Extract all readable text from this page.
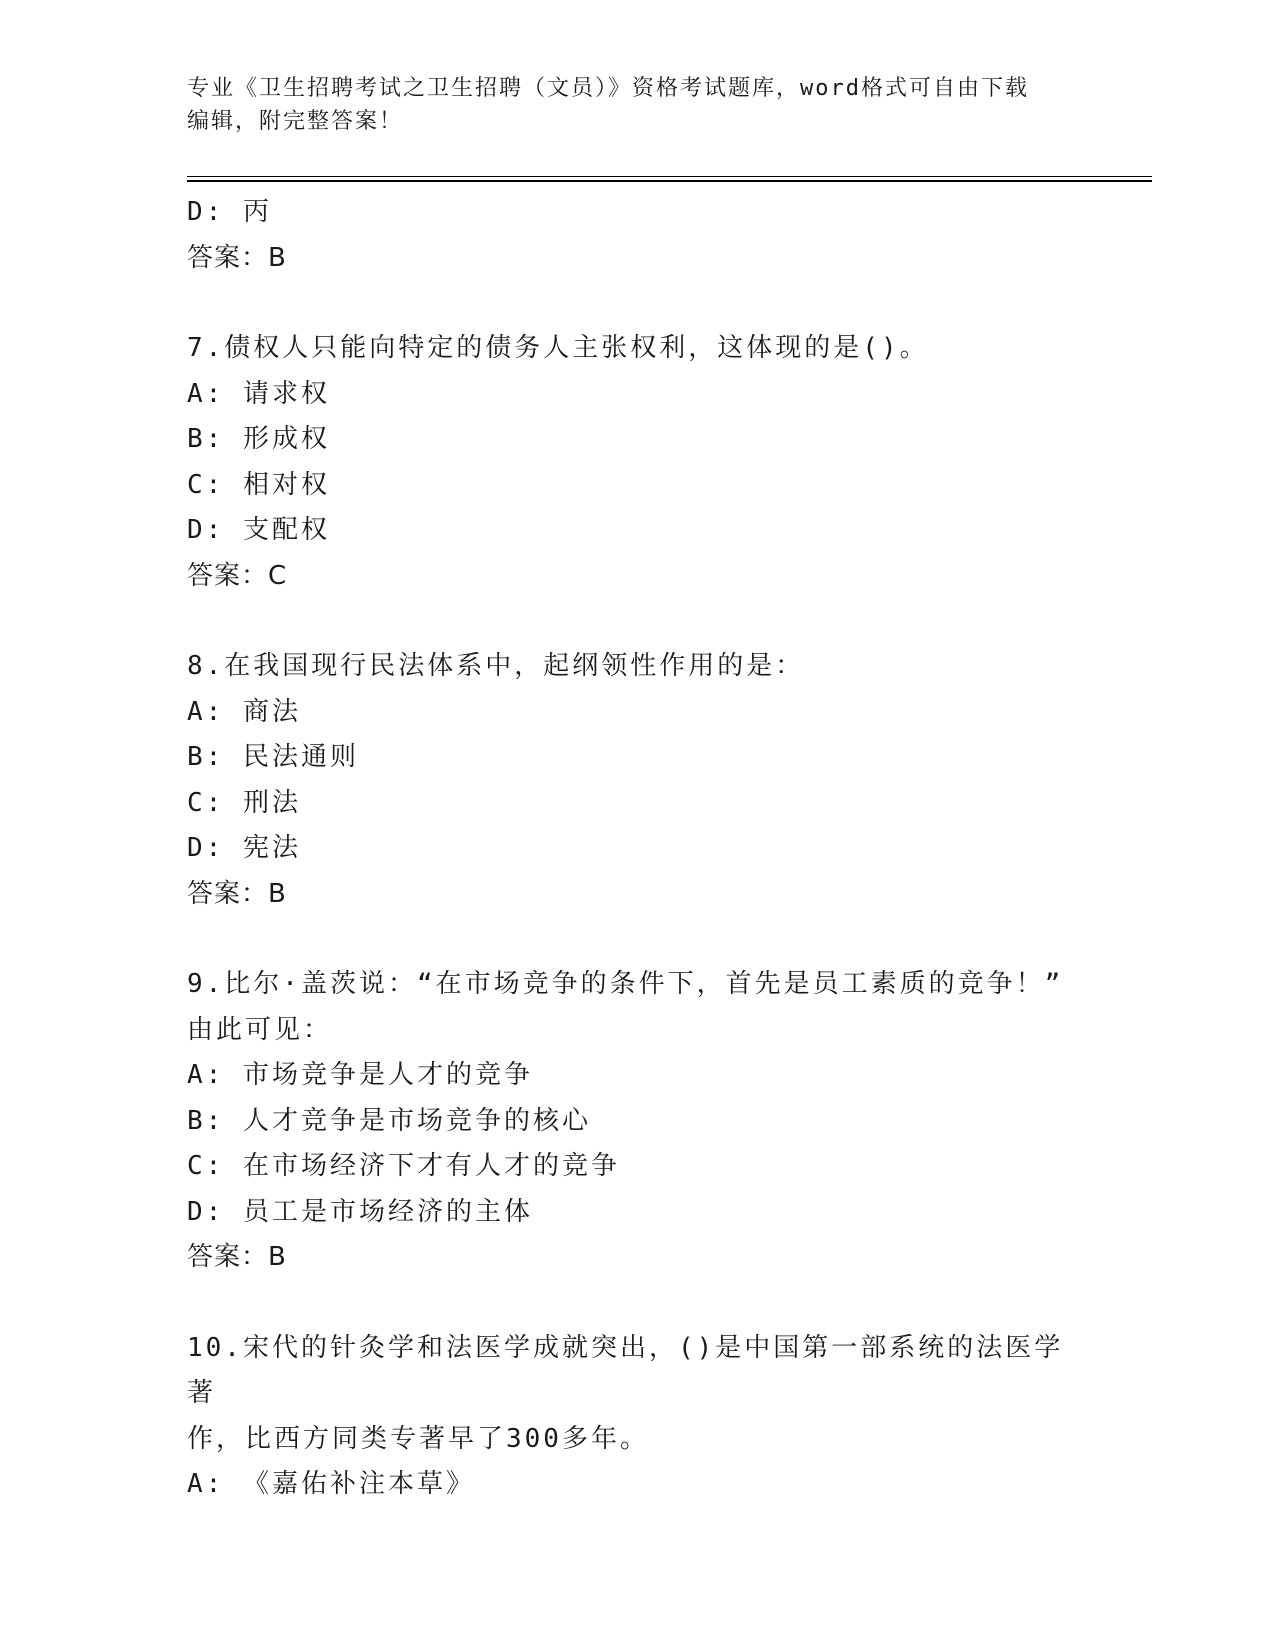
专业《卫生招聘考试之卫生招聘（文员）》资格考试题库，word格式可自由下载
编辑，附完整答案！
D: 丙
答案：B
7.债权人只能向特定的债务人主张权利，这体现的是()。
A: 请求权
B: 形成权
C: 相对权
D: 支配权
答案：C
8.在我国现行民法体系中，起纲领性作用的是：
A: 商法
B: 民法通则
C: 刑法
D: 宪法
答案：B
9.比尔·盖茨说：“在市场竞争的条件下，首先是员工素质的竞争！”
由此可见：
A: 市场竞争是人才的竞争
B: 人才竞争是市场竞争的核心
C: 在市场经济下才有人才的竞争
D: 员工是市场经济的主体
答案：B
10.宋代的针灸学和法医学成就突出，()是中国第一部系统的法医学著
作，比西方同类专著早了300多年。
A: 《嘉佑补注本草》
